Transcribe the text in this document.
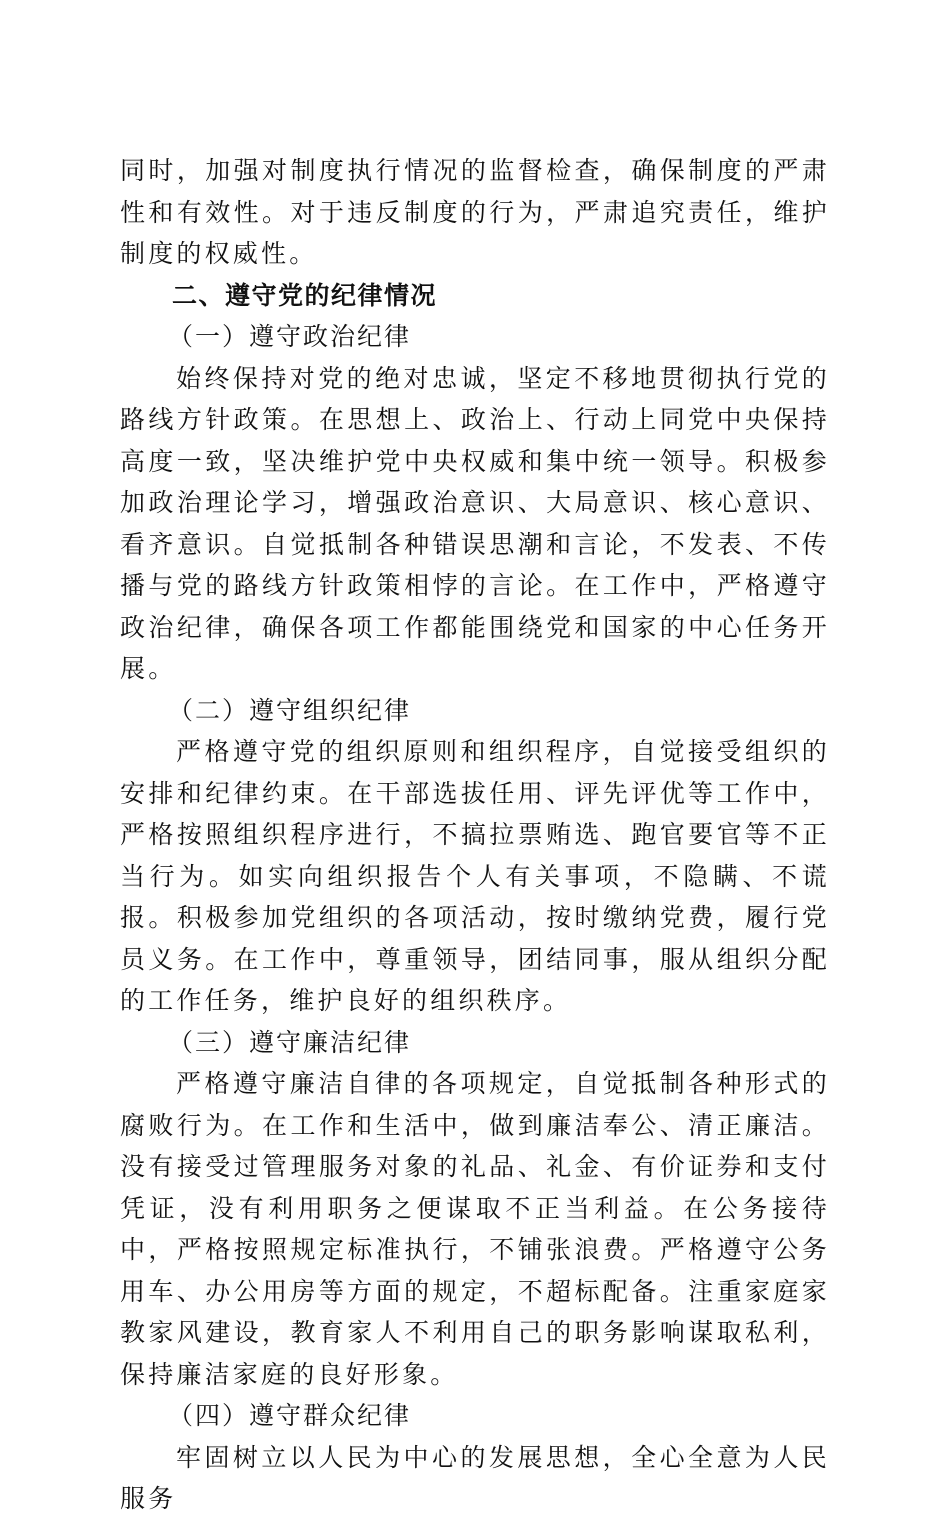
同时，加强对制度执行情况的监督检查，确保制度的严肃性和有效性。对于违反制度的行为，严肃追究责任，维护制度的权威性。

二、遵守党的纪律情况

（一）遵守政治纪律

始终保持对党的绝对忠诚，坚定不移地贯彻执行党的路线方针政策。在思想上、政治上、行动上同党中央保持高度一致，坚决维护党中央权威和集中统一领导。积极参加政治理论学习，增强政治意识、大局意识、核心意识、看齐意识。自觉抵制各种错误思潮和言论，不发表、不传播与党的路线方针政策相悖的言论。在工作中，严格遵守政治纪律，确保各项工作都能围绕党和国家的中心任务开展。

（二）遵守组织纪律

严格遵守党的组织原则和组织程序，自觉接受组织的安排和纪律约束。在干部选拔任用、评先评优等工作中，严格按照组织程序进行，不搞拉票贿选、跑官要官等不正当行为。如实向组织报告个人有关事项，不隐瞒、不谎报。积极参加党组织的各项活动，按时缴纳党费，履行党员义务。在工作中，尊重领导，团结同事，服从组织分配的工作任务，维护良好的组织秩序。

（三）遵守廉洁纪律

严格遵守廉洁自律的各项规定，自觉抵制各种形式的腐败行为。在工作和生活中，做到廉洁奉公、清正廉洁。没有接受过管理服务对象的礼品、礼金、有价证券和支付凭证，没有利用职务之便谋取不正当利益。在公务接待中，严格按照规定标准执行，不铺张浪费。严格遵守公务用车、办公用房等方面的规定，不超标配备。注重家庭家教家风建设，教育家人不利用自己的职务影响谋取私利，保持廉洁家庭的良好形象。

（四）遵守群众纪律

牢固树立以人民为中心的发展思想，全心全意为人民服务
